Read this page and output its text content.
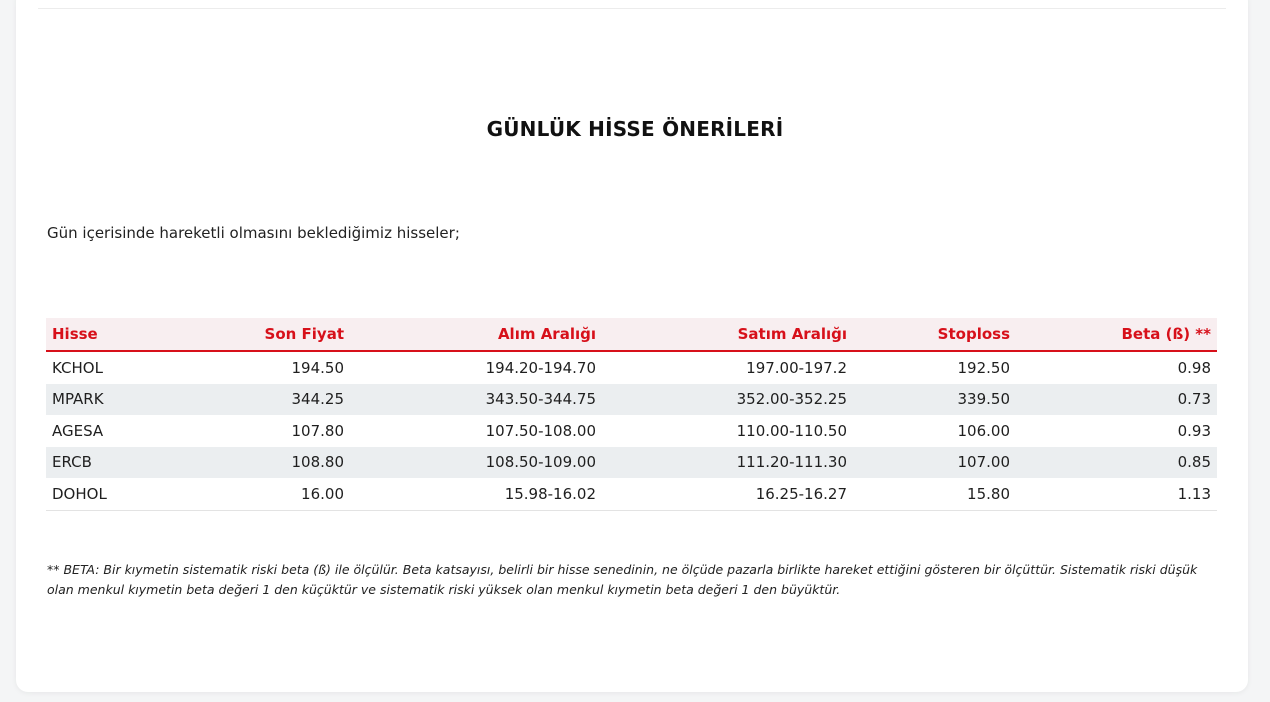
GÜNLÜK HİSSE ÖNERİLERİ

Gün içerisinde hareketli olmasını beklediğimiz hisseler;

Hisse	Son Fiyat	Alım Aralığı	Satım Aralığı	Stoploss	Beta (ß) **
KCHOL	194.50	194.20-194.70	197.00-197.2	192.50	0.98
MPARK	344.25	343.50-344.75	352.00-352.25	339.50	0.73
AGESA	107.80	107.50-108.00	110.00-110.50	106.00	0.93
ERCB	108.80	108.50-109.00	111.20-111.30	107.00	0.85
DOHOL	16.00	15.98-16.02	16.25-16.27	15.80	1.13

** BETA: Bir kıymetin sistematik riski beta (ß) ile ölçülür. Beta katsayısı, belirli bir hisse senedinin, ne ölçüde pazarla birlikte hareket ettiğini gösteren bir ölçüttür. Sistematik riski düşük olan menkul kıymetin beta değeri 1 den küçüktür ve sistematik riski yüksek olan menkul kıymetin beta değeri 1 den büyüktür.
